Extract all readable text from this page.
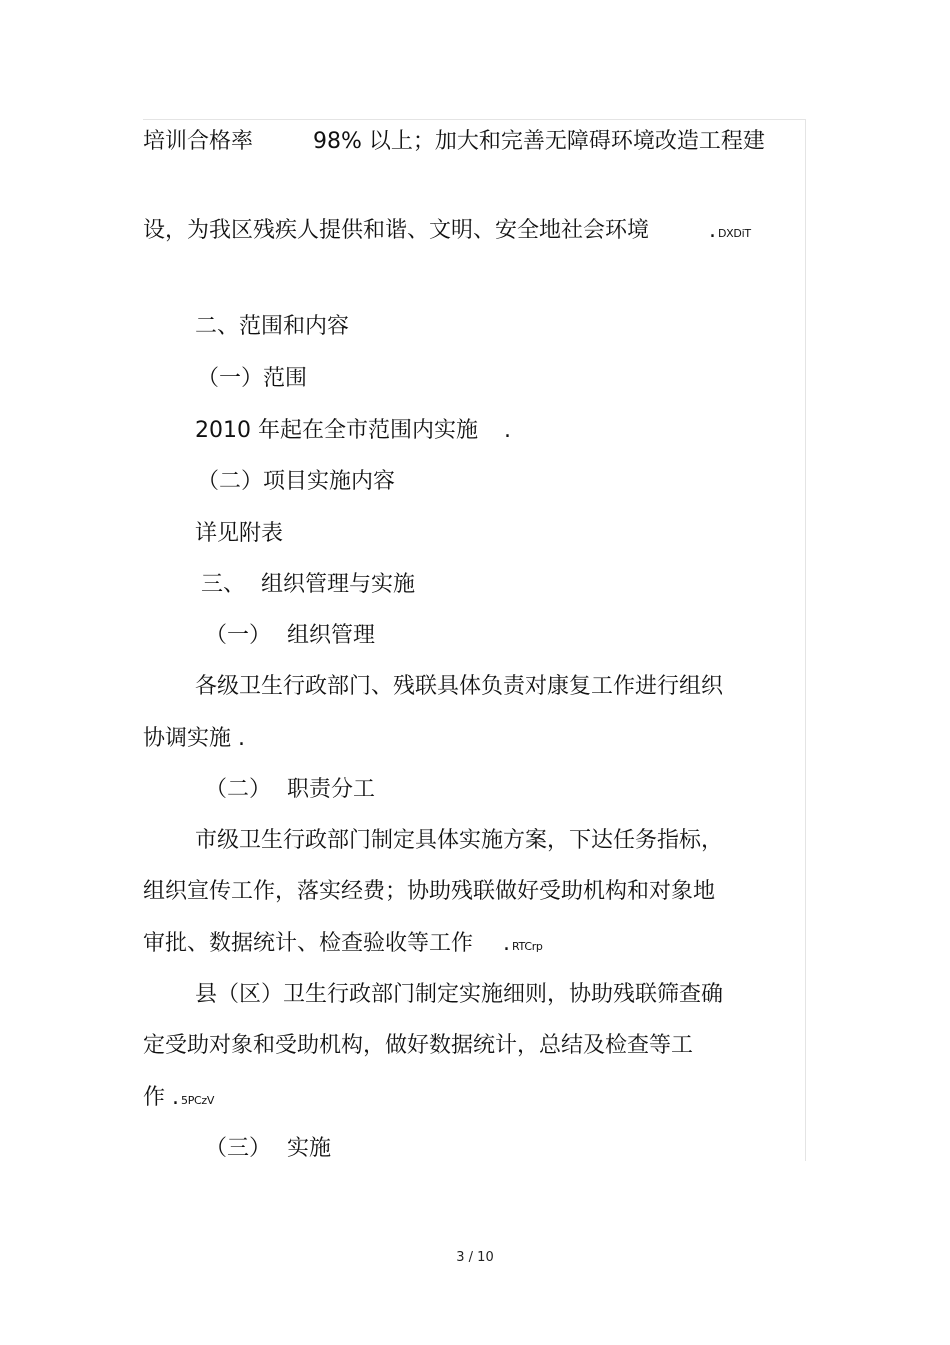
培训合格率	98% 以上；加大和完善无障碍环境改造工程建
设，为我区残疾人提供和谐、文明、安全地社会环境	. DXDiT
二、范围和内容
（一）范围
2010 年起在全市范围内实施 .
（二）项目实施内容
详见附表
三、 组织管理与实施
（一） 组织管理
各级卫生行政部门、残联具体负责对康复工作进行组织
协调实施 .
（二） 职责分工
市级卫生行政部门制定具体实施方案，下达任务指标，
组织宣传工作，落实经费；协助残联做好受助机构和对象地
审批、数据统计、检查验收等工作 . RTCrp
县（区）卫生行政部门制定实施细则，协助残联筛查确
定受助对象和受助机构，做好数据统计，总结及检查等工
作 . 5PCzV
（三） 实施
3 / 10
